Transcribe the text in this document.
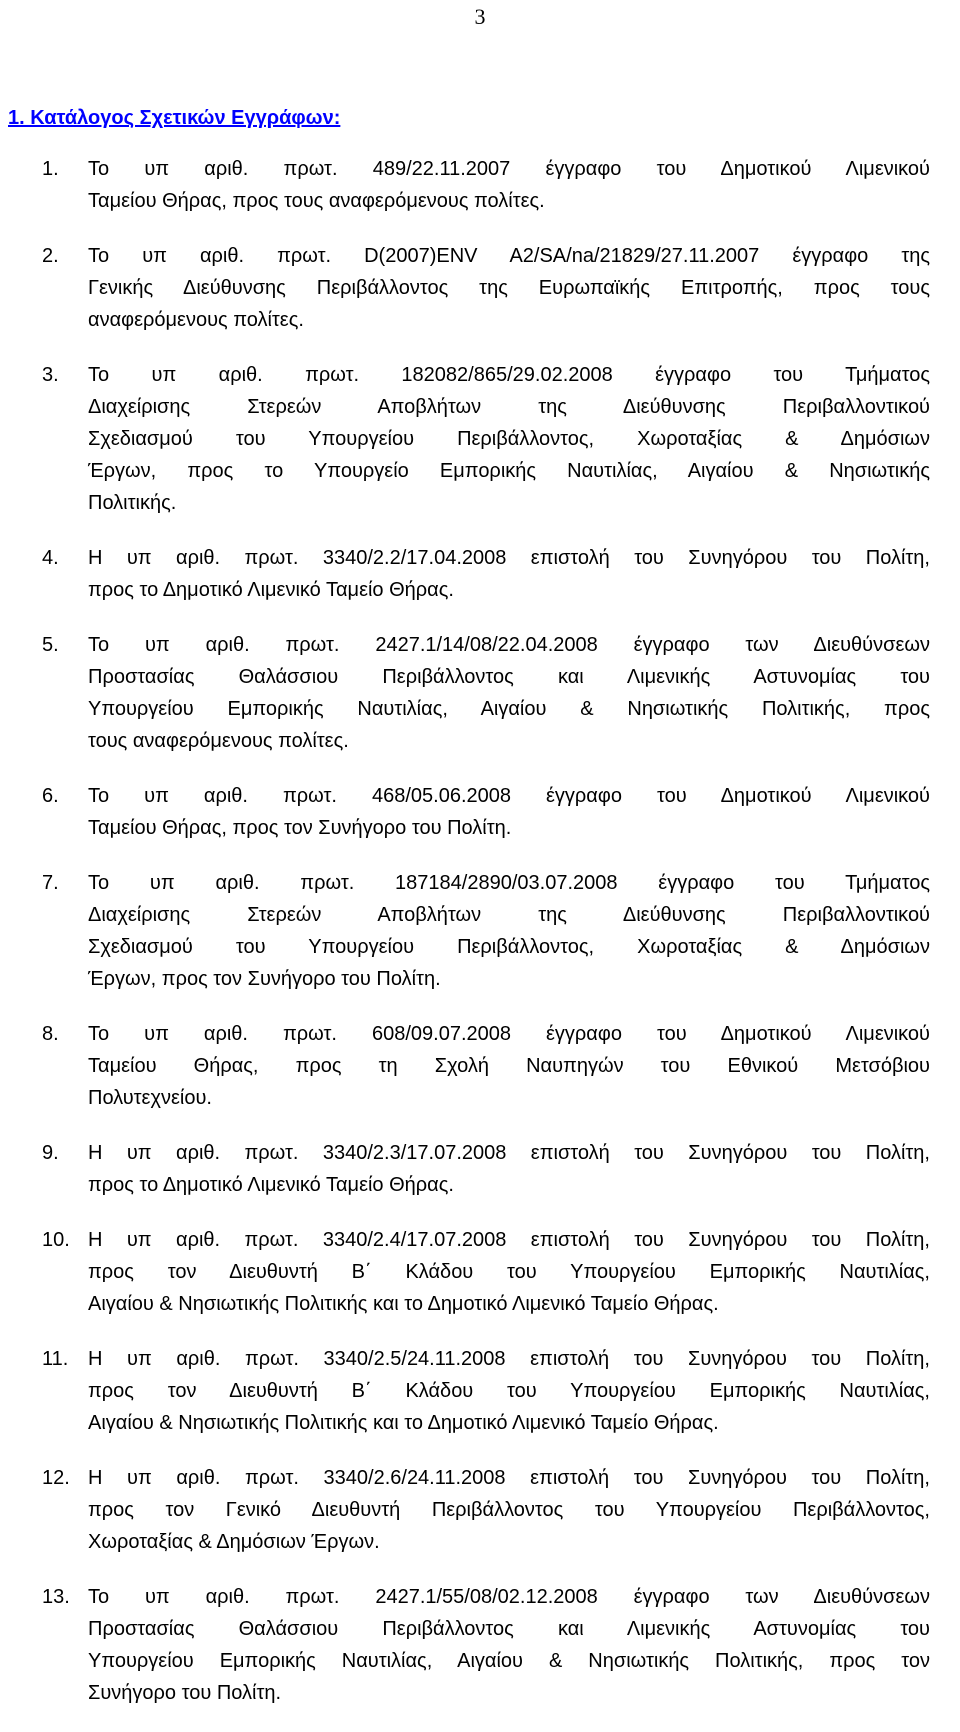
3
1. Κατάλογος Σχετικών Εγγράφων:
1. Το υπ αριθ. πρωτ. 489/22.11.2007 έγγραφο του Δημοτικού Λιμενικού
Ταμείου Θήρας, προς τους αναφερόμενους πολίτες.
2. Το υπ αριθ. πρωτ. D(2007)ENV A2/SA/na/21829/27.11.2007 έγγραφο της
Γενικής Διεύθυνσης Περιβάλλοντος της Ευρωπαϊκής Επιτροπής, προς τους
αναφερόμενους πολίτες.
3. Το υπ αριθ. πρωτ. 182082/865/29.02.2008 έγγραφο του Τμήματος
Διαχείρισης Στερεών Αποβλήτων της Διεύθυνσης Περιβαλλοντικού
Σχεδιασμού του Υπουργείου Περιβάλλοντος, Χωροταξίας & Δημόσιων
Έργων, προς το Υπουργείο Εμπορικής Ναυτιλίας, Αιγαίου & Νησιωτικής
Πολιτικής.
4. Η υπ αριθ. πρωτ. 3340/2.2/17.04.2008 επιστολή του Συνηγόρου του Πολίτη,
προς το Δημοτικό Λιμενικό Ταμείο Θήρας.
5. Το υπ αριθ. πρωτ. 2427.1/14/08/22.04.2008 έγγραφο των Διευθύνσεων
Προστασίας Θαλάσσιου Περιβάλλοντος και Λιμενικής Αστυνομίας του
Υπουργείου Εμπορικής Ναυτιλίας, Αιγαίου & Νησιωτικής Πολιτικής, προς
τους αναφερόμενους πολίτες.
6. Το υπ αριθ. πρωτ. 468/05.06.2008 έγγραφο του Δημοτικού Λιμενικού
Ταμείου Θήρας, προς τον Συνήγορο του Πολίτη.
7. Το υπ αριθ. πρωτ. 187184/2890/03.07.2008 έγγραφο του Τμήματος
Διαχείρισης Στερεών Αποβλήτων της Διεύθυνσης Περιβαλλοντικού
Σχεδιασμού του Υπουργείου Περιβάλλοντος, Χωροταξίας & Δημόσιων
Έργων, προς τον Συνήγορο του Πολίτη.
8. Το υπ αριθ. πρωτ. 608/09.07.2008 έγγραφο του Δημοτικού Λιμενικού
Ταμείου Θήρας, προς τη Σχολή Ναυπηγών του Εθνικού Μετσόβιου
Πολυτεχνείου.
9. Η υπ αριθ. πρωτ. 3340/2.3/17.07.2008 επιστολή του Συνηγόρου του Πολίτη,
προς το Δημοτικό Λιμενικό Ταμείο Θήρας.
10. Η υπ αριθ. πρωτ. 3340/2.4/17.07.2008 επιστολή του Συνηγόρου του Πολίτη,
προς τον Διευθυντή Β΄ Κλάδου του Υπουργείου Εμπορικής Ναυτιλίας,
Αιγαίου & Νησιωτικής Πολιτικής και το Δημοτικό Λιμενικό Ταμείο Θήρας.
11. Η υπ αριθ. πρωτ. 3340/2.5/24.11.2008 επιστολή του Συνηγόρου του Πολίτη,
προς τον Διευθυντή Β΄ Κλάδου του Υπουργείου Εμπορικής Ναυτιλίας,
Αιγαίου & Νησιωτικής Πολιτικής και το Δημοτικό Λιμενικό Ταμείο Θήρας.
12. Η υπ αριθ. πρωτ. 3340/2.6/24.11.2008 επιστολή του Συνηγόρου του Πολίτη,
προς τον Γενικό Διευθυντή Περιβάλλοντος του Υπουργείου Περιβάλλοντος,
Χωροταξίας & Δημόσιων Έργων.
13. Το υπ αριθ. πρωτ. 2427.1/55/08/02.12.2008 έγγραφο των Διευθύνσεων
Προστασίας Θαλάσσιου Περιβάλλοντος και Λιμενικής Αστυνομίας του
Υπουργείου Εμπορικής Ναυτιλίας, Αιγαίου & Νησιωτικής Πολιτικής, προς τον
Συνήγορο του Πολίτη.
